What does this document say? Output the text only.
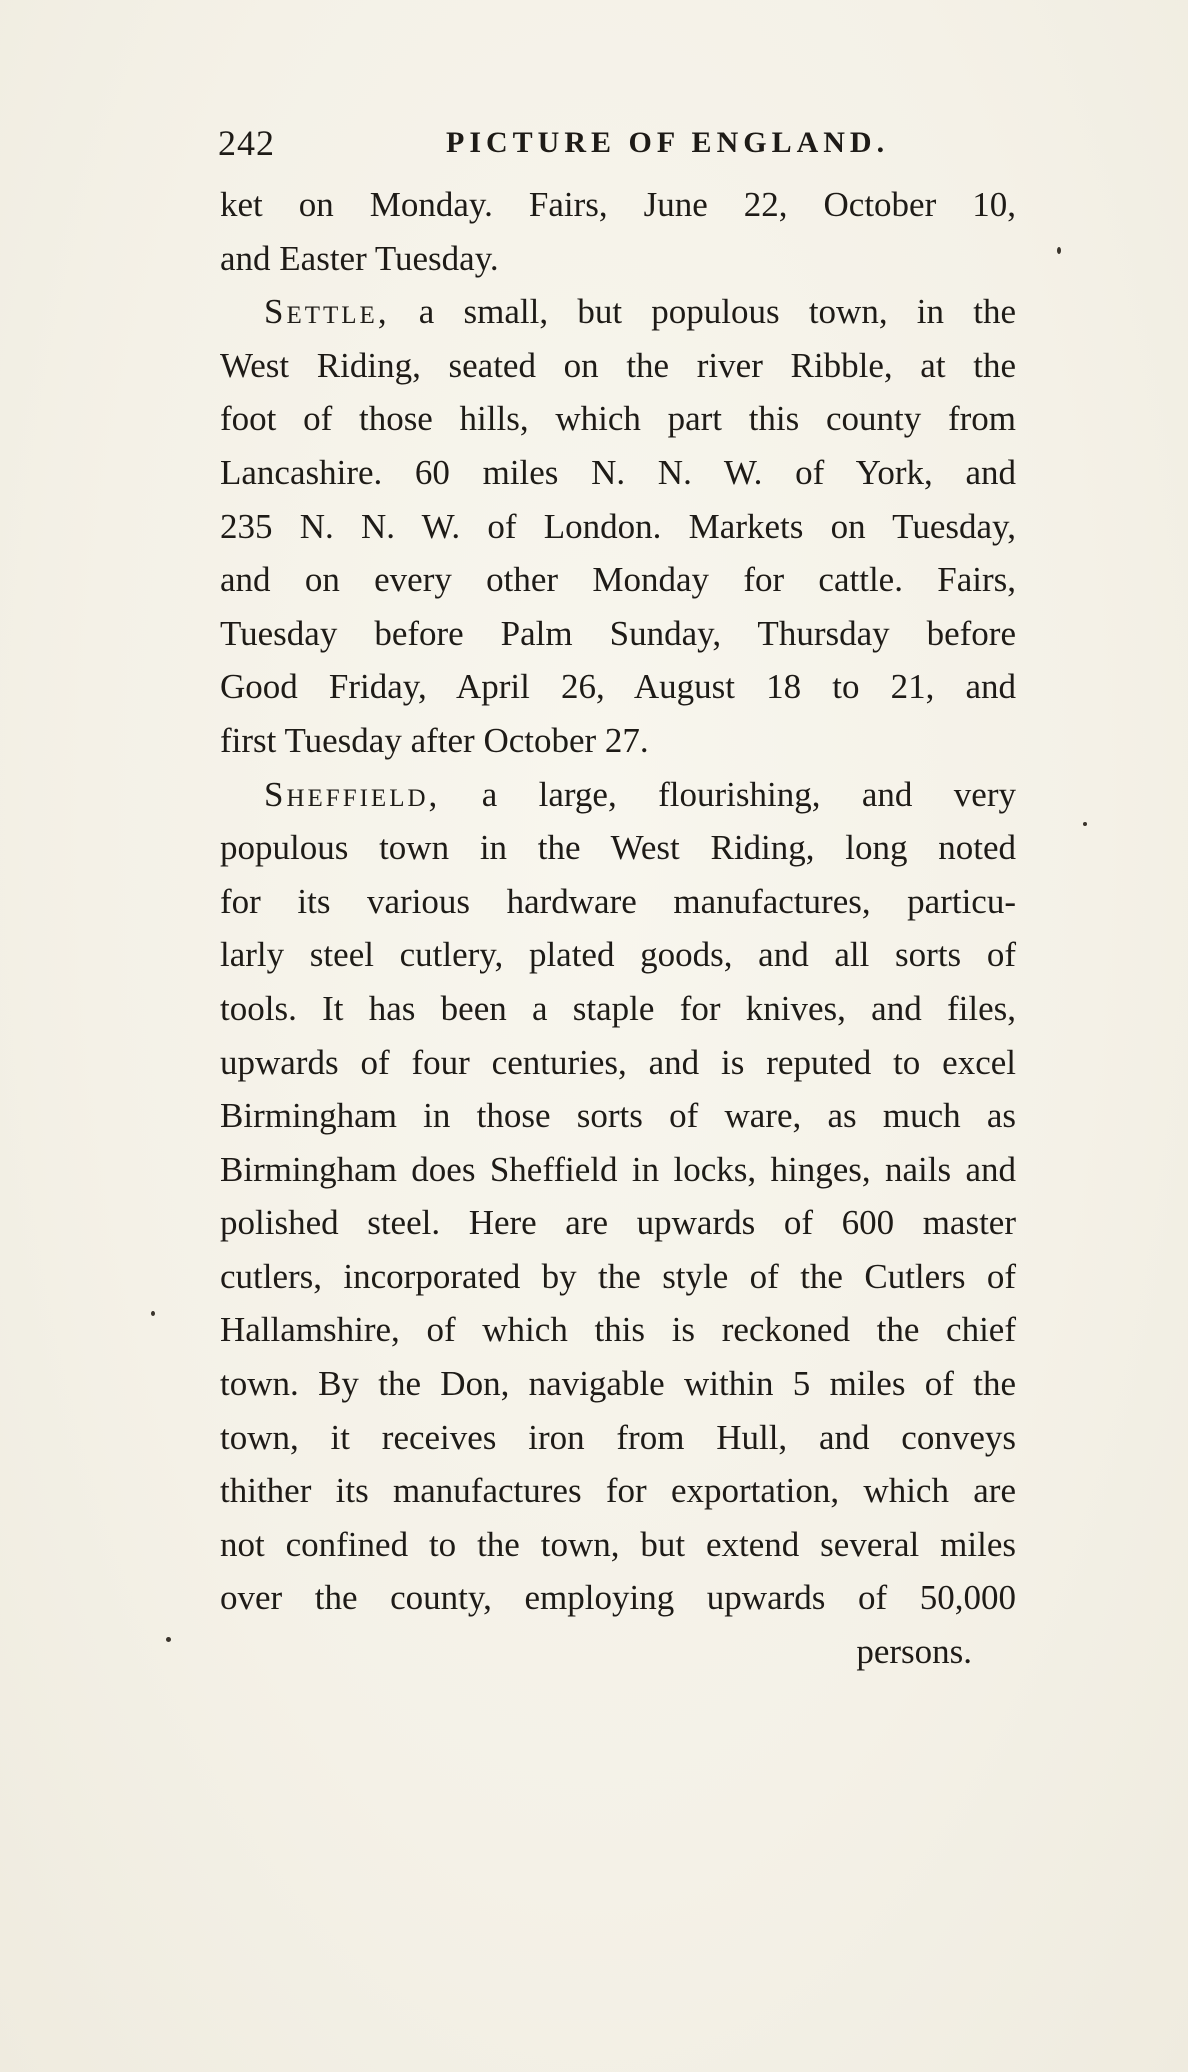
242	PICTURE OF ENGLAND.
ket on Monday. Fairs, June 22, October 10,
and Easter Tuesday.
Settle, a small, but populous town, in the
West Riding, seated on the river Ribble, at the
foot of those hills, which part this county from
Lancashire. 60 miles N. N. W. of York, and
235 N. N. W. of London. Markets on Tuesday,
and on every other Monday for cattle. Fairs,
Tuesday before Palm Sunday, Thursday before
Good Friday, April 26, August 18 to 21, and
first Tuesday after October 27.
Sheffield, a large, flourishing, and very
populous town in the West Riding, long noted
for its various hardware manufactures, particu-
larly steel cutlery, plated goods, and all sorts of
tools. It has been a staple for knives, and files,
upwards of four centuries, and is reputed to excel
Birmingham in those sorts of ware, as much as
Birmingham does Sheffield in locks, hinges, nails and
polished steel. Here are upwards of 600 master
cutlers, incorporated by the style of the Cutlers of
Hallamshire, of which this is reckoned the chief
town. By the Don, navigable within 5 miles of the
town, it receives iron from Hull, and conveys
thither its manufactures for exportation, which are
not confined to the town, but extend several miles
over the county, employing upwards of 50,000
persons.
